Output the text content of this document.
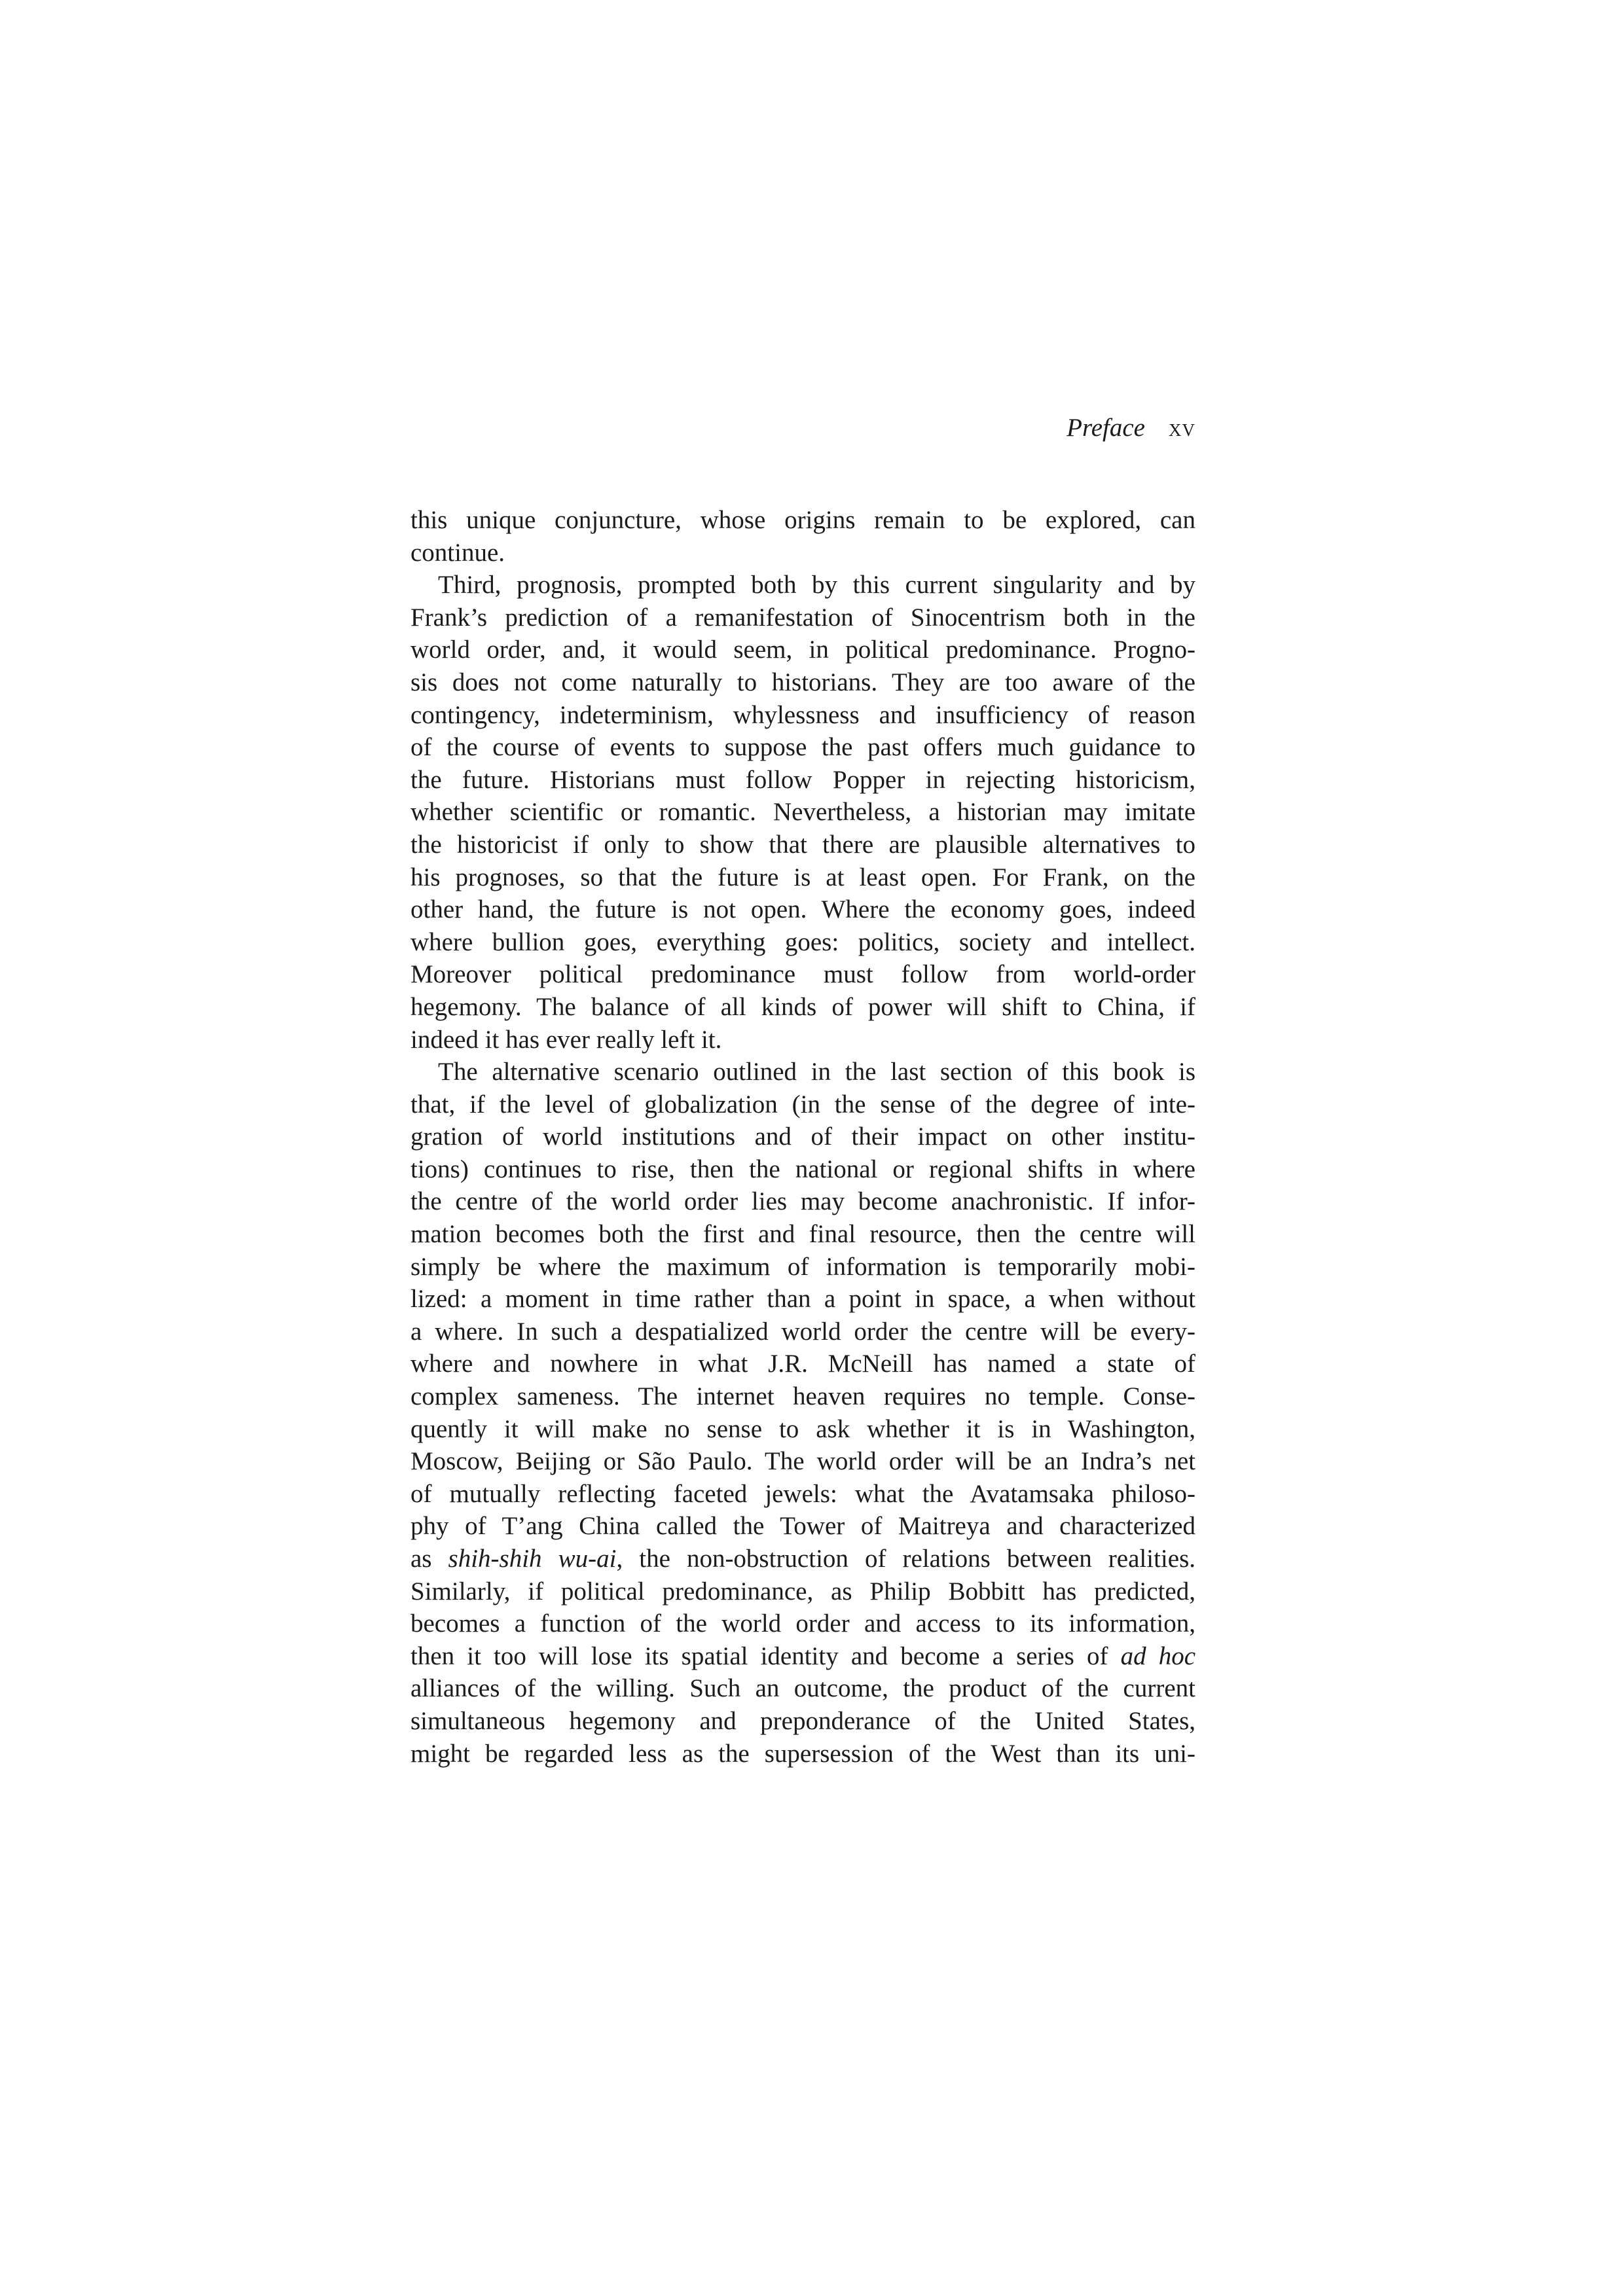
Preface xv
this unique conjuncture, whose origins remain to be explored, can
continue.
Third, prognosis, prompted both by this current singularity and by
Frank’s prediction of a remanifestation of Sinocentrism both in the
world order, and, it would seem, in political predominance. Progno-
sis does not come naturally to historians. They are too aware of the
contingency, indeterminism, whylessness and insufficiency of reason
of the course of events to suppose the past offers much guidance to
the future. Historians must follow Popper in rejecting historicism,
whether scientific or romantic. Nevertheless, a historian may imitate
the historicist if only to show that there are plausible alternatives to
his prognoses, so that the future is at least open. For Frank, on the
other hand, the future is not open. Where the economy goes, indeed
where bullion goes, everything goes: politics, society and intellect.
Moreover political predominance must follow from world-order
hegemony. The balance of all kinds of power will shift to China, if
indeed it has ever really left it.
The alternative scenario outlined in the last section of this book is
that, if the level of globalization (in the sense of the degree of inte-
gration of world institutions and of their impact on other institu-
tions) continues to rise, then the national or regional shifts in where
the centre of the world order lies may become anachronistic. If infor-
mation becomes both the first and final resource, then the centre will
simply be where the maximum of information is temporarily mobi-
lized: a moment in time rather than a point in space, a when without
a where. In such a despatialized world order the centre will be every-
where and nowhere in what J.R. McNeill has named a state of
complex sameness. The internet heaven requires no temple. Conse-
quently it will make no sense to ask whether it is in Washington,
Moscow, Beijing or São Paulo. The world order will be an Indra’s net
of mutually reflecting faceted jewels: what the Avatamsaka philoso-
phy of T’ang China called the Tower of Maitreya and characterized
as shih-shih wu-ai, the non-obstruction of relations between realities.
Similarly, if political predominance, as Philip Bobbitt has predicted,
becomes a function of the world order and access to its information,
then it too will lose its spatial identity and become a series of ad hoc
alliances of the willing. Such an outcome, the product of the current
simultaneous hegemony and preponderance of the United States,
might be regarded less as the supersession of the West than its uni-
